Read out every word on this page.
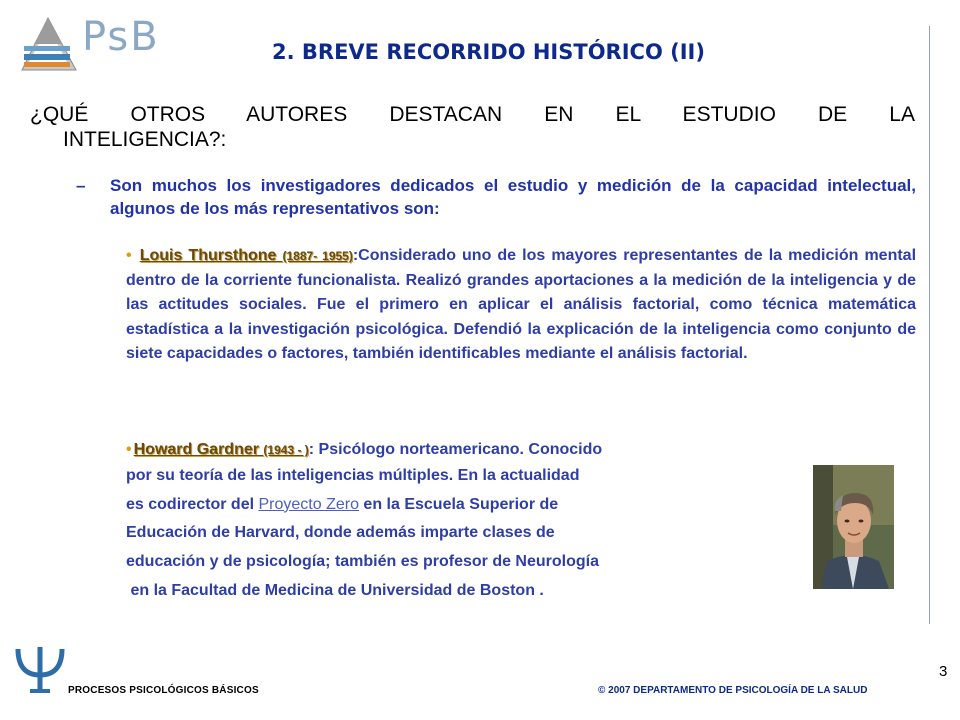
PsB	2. BREVE RECORRIDO HISTÓRICO (II)
¿QUÉ OTROS AUTORES DESTACAN EN EL ESTUDIO DE LA
INTELIGENCIA?:
–	Son muchos los investigadores dedicados el estudio y medición de la capacidad intelectual, algunos de los más representativos son:
• Louis Thursthone (1887- 1955):Considerado uno de los mayores representantes de la medición mental dentro de la corriente funcionalista. Realizó grandes aportaciones a la medición de la inteligencia y de las actitudes sociales. Fue el primero en aplicar el análisis factorial, como técnica matemática estadística a la investigación psicológica. Defendió la explicación de la inteligencia como conjunto de siete capacidades o factores, también identificables mediante el análisis factorial.
• Howard Gardner (1943 - ): Psicólogo norteamericano. Conocido
por su teoría de las inteligencias múltiples. En la actualidad
es codirector del Proyecto Zero en la Escuela Superior de
Educación de Harvard, donde además imparte clases de
educación y de psicología; también es profesor de Neurología
en la Facultad de Medicina de Universidad de Boston .
PROCESOS PSICOLÓGICOS BÁSICOS	© 2007 DEPARTAMENTO DE PSICOLOGÍA DE LA SALUD
3
